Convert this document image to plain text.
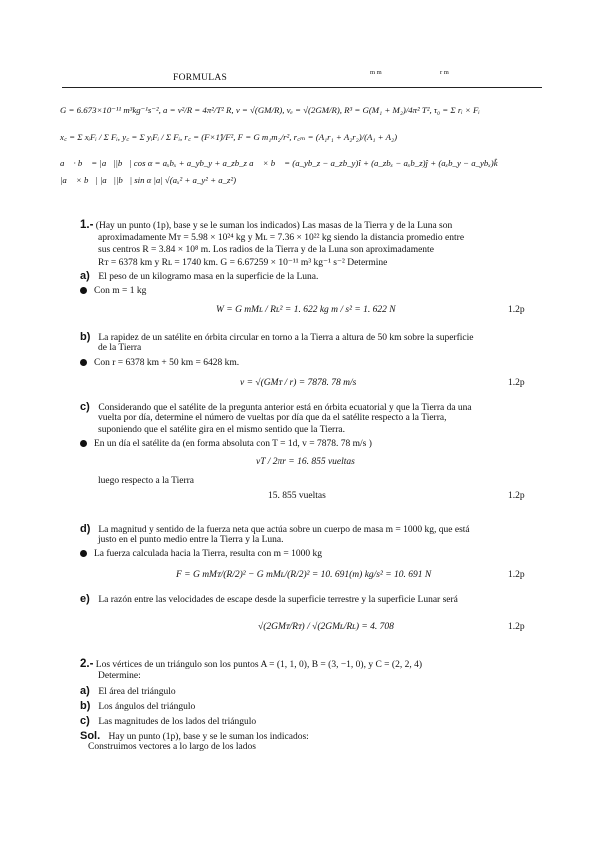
FORMULAS
m m	r m
G = 6.673×10⁻¹¹ m³kg⁻¹s⁻², a = v²/R = 4π²/T² R, v = √(GM/R), vₑ = √(2GM/R), R³ = G(M₁ + M₂)/4π² T², τ₀ = Σ rᵢ × Fᵢ
x꜀ = Σ xᵢFᵢ / Σ Fᵢ, y꜀ = Σ yᵢFᵢ / Σ Fᵢ, r꜀ = (F×1̂)/F², F = G m₁m₂/r², r꜀ₘ = (A₁r₁ + A₂r₂)/(A₁ + A₂)
a⃗ · b⃗ = |a⃗||b⃗| cos α = aₓbₓ + a_yb_y + a_zb_z a⃗ × b⃗ = (a_yb_z − a_zb_y)î + (a_zbₓ − aₓb_z)ĵ + (aₓb_y − a_ybₓ)k̂
|a⃗ × b⃗| |a⃗||b⃗| sin α |a| √(aₓ² + a_y² + a_z²)
1.- (Hay un punto (1p), base y se le suman los indicados) Las masas de la Tierra y de la Luna son
aproximadamente Mᴛ = 5.98 × 10²⁴ kg y Mʟ = 7.36 × 10²² kg siendo la distancia promedio entre
sus centros R = 3.84 × 10⁸ m. Los radios de la Tierra y de la Luna son aproximadamente
Rᴛ = 6378 km y Rʟ = 1740 km. G = 6.67259 × 10⁻¹¹ m³ kg⁻¹ s⁻² Determine
a) El peso de un kilogramo masa en la superficie de la Luna.
Con m = 1 kg
W = G mMʟ / Rʟ² = 1. 622 kg m / s² = 1. 622 N	1.2p
b) La rapidez de un satélite en órbita circular en torno a la Tierra a altura de 50 km sobre la superficie
de la Tierra
Con r = 6378 km + 50 km = 6428 km.
v = √(GMᴛ / r) = 7878. 78 m/s	1.2p
c) Considerando que el satélite de la pregunta anterior está en órbita ecuatorial y que la Tierra da una
vuelta por día, determine el número de vueltas por día que da el satélite respecto a la Tierra,
suponiendo que el satélite gira en el mismo sentido que la Tierra.
En un día el satélite da (en forma absoluta con T = 1d, v = 7878. 78 m/s )
vT / 2πr = 16. 855 vueltas
luego respecto a la Tierra
15. 855 vueltas	1.2p
d) La magnitud y sentido de la fuerza neta que actúa sobre un cuerpo de masa m = 1000 kg, que está
justo en el punto medio entre la Tierra y la Luna.
La fuerza calculada hacia la Tierra, resulta con m = 1000 kg
F = G mMᴛ/(R/2)² − G mMʟ/(R/2)² = 10. 691(m) kg/s² = 10. 691 N	1.2p
e) La razón entre las velocidades de escape desde la superficie terrestre y la superficie Lunar será
√(2GMᴛ/Rᴛ) / √(2GMʟ/Rʟ) = 4. 708	1.2p
2.- Los vértices de un triángulo son los puntos A = (1, 1, 0), B = (3, −1, 0), y C = (2, 2, 4)
Determine:
a) El área del triángulo
b) Los ángulos del triángulo
c) Las magnitudes de los lados del triángulo
Sol. Hay un punto (1p), base y se le suman los indicados:
Construimos vectores a lo largo de los lados
